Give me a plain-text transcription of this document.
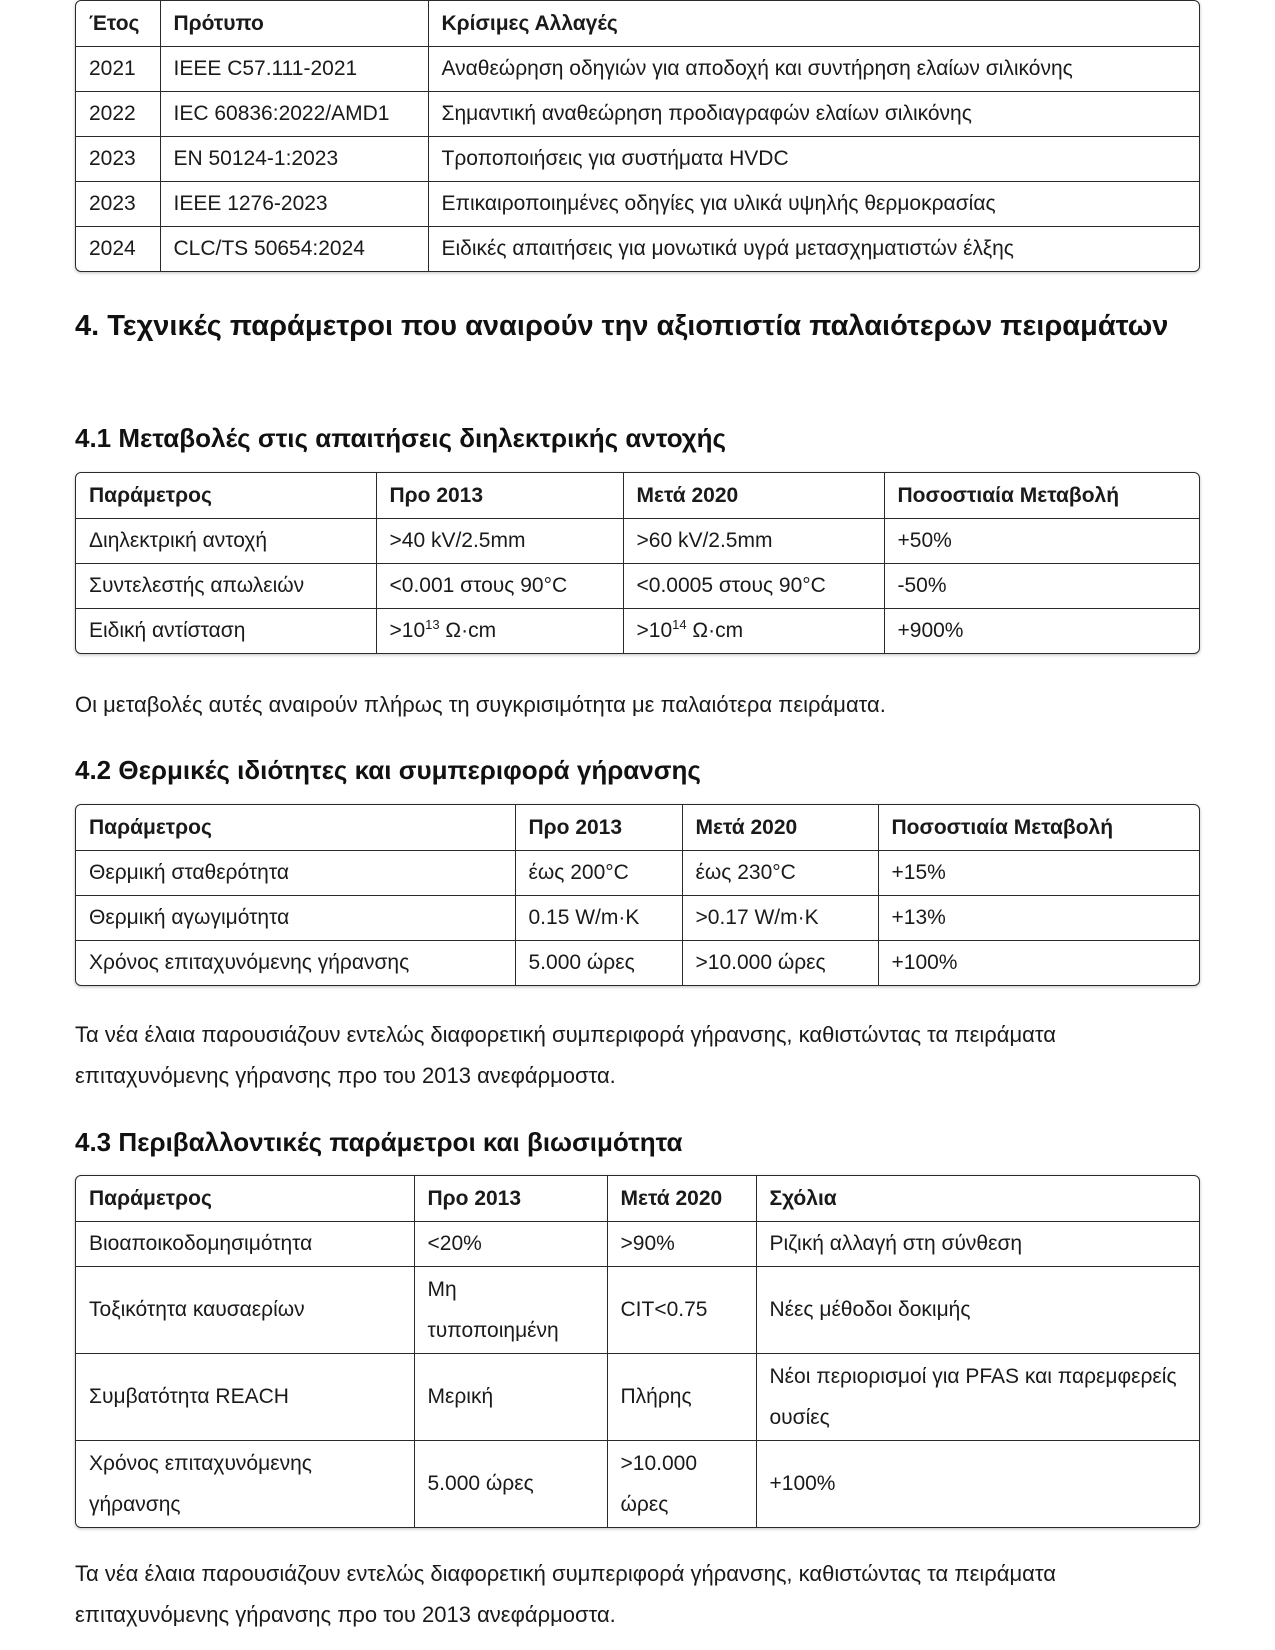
Έτος	Πρότυπο	Κρίσιμες Αλλαγές
2021	IEEE C57.111-2021	Αναθεώρηση οδηγιών για αποδοχή και συντήρηση ελαίων σιλικόνης
2022	IEC 60836:2022/AMD1	Σημαντική αναθεώρηση προδιαγραφών ελαίων σιλικόνης
2023	EN 50124-1:2023	Τροποποιήσεις για συστήματα HVDC
2023	IEEE 1276-2023	Επικαιροποιημένες οδηγίες για υλικά υψηλής θερμοκρασίας
2024	CLC/TS 50654:2024	Ειδικές απαιτήσεις για μονωτικά υγρά μετασχηματιστών έλξης
4. Τεχνικές παράμετροι που αναιρούν την αξιοπιστία παλαιότερων πειραμάτων
4.1 Μεταβολές στις απαιτήσεις διηλεκτρικής αντοχής
Παράμετρος	Προ 2013	Μετά 2020	Ποσοστιαία Μεταβολή
Διηλεκτρική αντοχή	>40 kV/2.5mm	>60 kV/2.5mm	+50%
Συντελεστής απωλειών	<0.001 στους 90°C	<0.0005 στους 90°C	-50%
Ειδική αντίσταση	$>10^{13}$ Ω·cm	$>10^{14}$ Ω·cm	+900%

Οι μεταβολές αυτές αναιρούν πλήρως τη συγκρισιμότητα με παλαιότερα πειράματα.

4.2 Θερμικές ιδιότητες και συμπεριφορά γήρανσης
Παράμετρος	Προ 2013	Μετά 2020	Ποσοστιαία Μεταβολή
Θερμική σταθερότητα	έως 200°C	έως 230°C	+15%
Θερμική αγωγιμότητα	0.15 W/m·K	>0.17 W/m·K	+13%
Χρόνος επιταχυνόμενης γήρανσης	5.000 ώρες	>10.000 ώρες	+100%

Τα νέα έλαια παρουσιάζουν εντελώς διαφορετική συμπεριφορά γήρανσης, καθιστώντας τα πειράματα επιταχυνόμενης γήρανσης προ του 2013 ανεφάρμοστα.

4.3 Περιβαλλοντικές παράμετροι και βιωσιμότητα
Παράμετρος	Προ 2013	Μετά 2020	Σχόλια
Βιοαποικοδομησιμότητα	<20%	>90%	Ριζική αλλαγή στη σύνθεση
Τοξικότητα καυσαερίων	Μη τυποποιημένη	CIT<0.75	Νέες μέθοδοι δοκιμής
Συμβατότητα REACH	Μερική	Πλήρης	Νέοι περιορισμοί για PFAS και παρεμφερείς ουσίες
Χρόνος επιταχυνόμενης γήρανσης	5.000 ώρες	>10.000 ώρες	+100%

Τα νέα έλαια παρουσιάζουν εντελώς διαφορετική συμπεριφορά γήρανσης, καθιστώντας τα πειράματα επιταχυνόμενης γήρανσης προ του 2013 ανεφάρμοστα.
